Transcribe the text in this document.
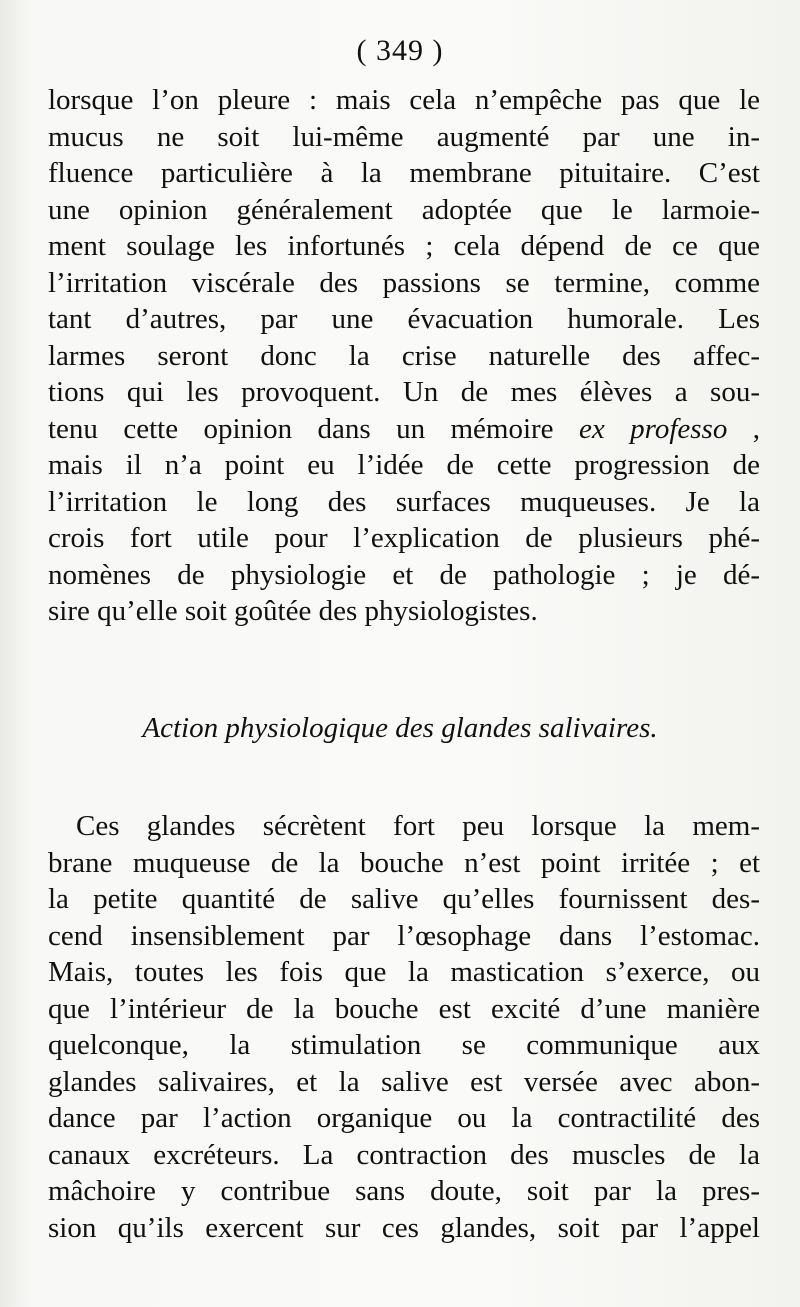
( 349 )
lorsque l’on pleure : mais cela n’empêche pas que le
mucus ne soit lui-même augmenté par une in-
fluence particulière à la membrane pituitaire. C’est
une opinion généralement adoptée que le larmoie-
ment soulage les infortunés ; cela dépend de ce que
l’irritation viscérale des passions se termine, comme
tant d’autres, par une évacuation humorale. Les
larmes seront donc la crise naturelle des affec-
tions qui les provoquent. Un de mes élèves a sou-
tenu cette opinion dans un mémoire ex professo ,
mais il n’a point eu l’idée de cette progression de
l’irritation le long des surfaces muqueuses. Je la
crois fort utile pour l’explication de plusieurs phé-
nomènes de physiologie et de pathologie ; je dé-
sire qu’elle soit goûtée des physiologistes.
Action physiologique des glandes salivaires.
Ces glandes sécrètent fort peu lorsque la mem-
brane muqueuse de la bouche n’est point irritée ; et
la petite quantité de salive qu’elles fournissent des-
cend insensiblement par l’œsophage dans l’estomac.
Mais, toutes les fois que la mastication s’exerce, ou
que l’intérieur de la bouche est excité d’une manière
quelconque, la stimulation se communique aux
glandes salivaires, et la salive est versée avec abon-
dance par l’action organique ou la contractilité des
canaux excréteurs. La contraction des muscles de la
mâchoire y contribue sans doute, soit par la pres-
sion qu’ils exercent sur ces glandes, soit par l’appel
